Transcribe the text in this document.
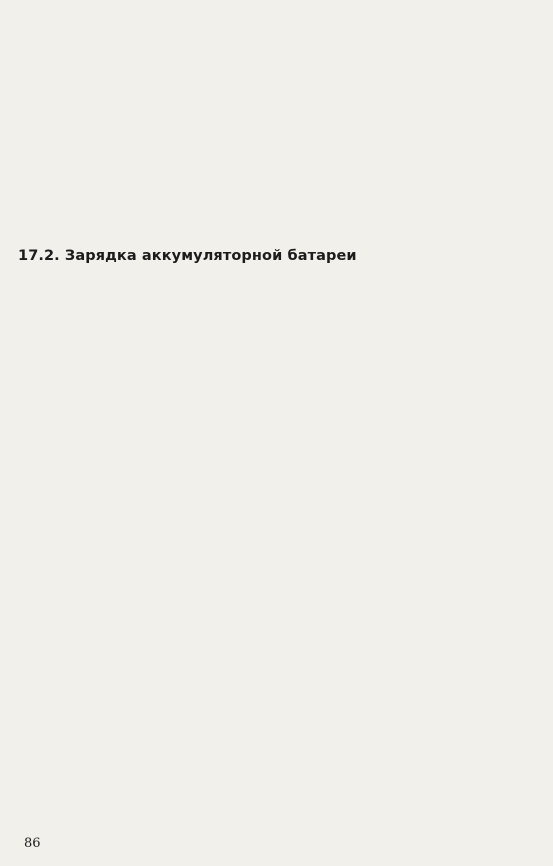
17.2. Зарядка аккумуляторной батареи
86
